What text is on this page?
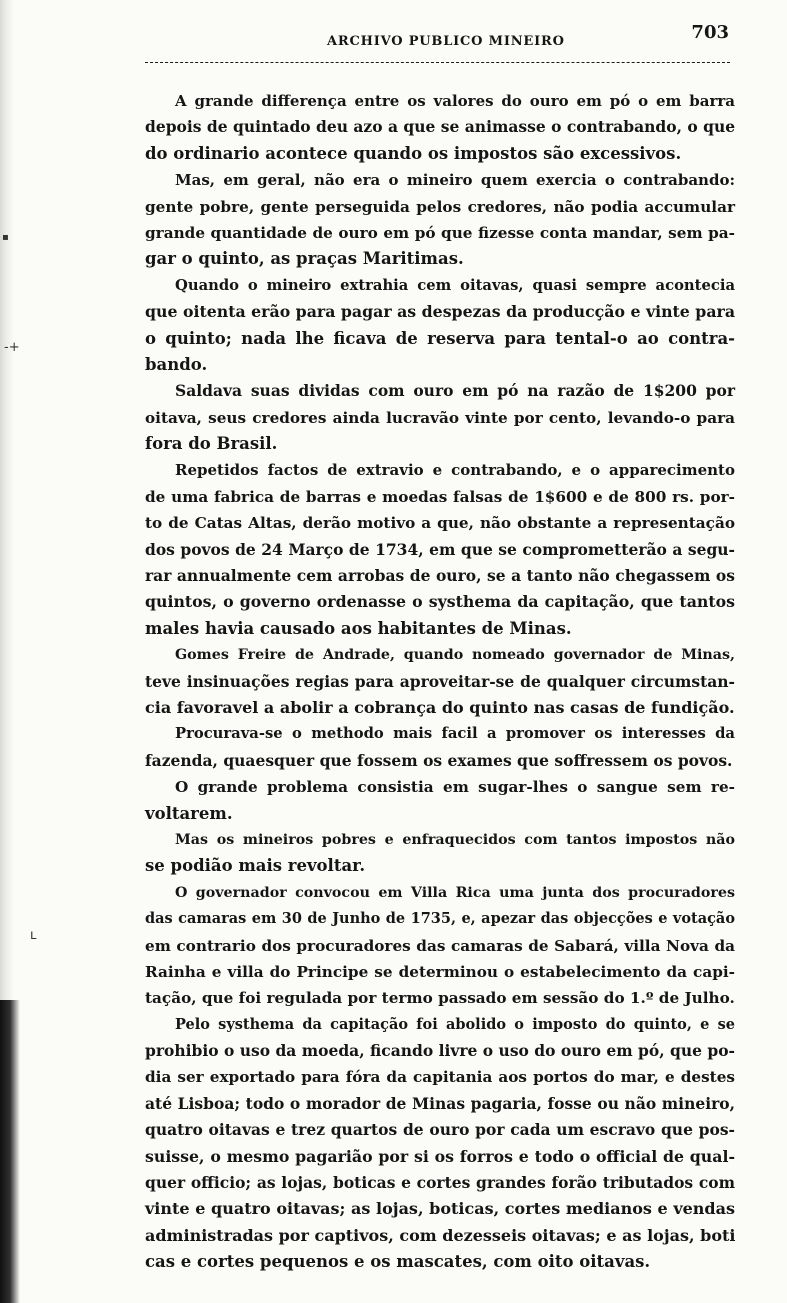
▪
-+
ʟ
ARCHIVO PUBLICO MINEIRO	703
A grande differença entre os valores do ouro em pó o em barra
depois de quintado deu azo a que se animasse o contrabando, o que
do ordinario acontece quando os impostos são excessivos.
Mas, em geral, não era o mineiro quem exercia o contrabando:
gente pobre, gente perseguida pelos credores, não podia accumular
grande quantidade de ouro em pó que fizesse conta mandar, sem pa-
gar o quinto, as praças Maritimas.
Quando o mineiro extrahia cem oitavas, quasi sempre acontecia
que oitenta erão para pagar as despezas da producção e vinte para
o quinto; nada lhe ficava de reserva para tental-o ao contra-
bando.
Saldava suas dividas com ouro em pó na razão de 1$200 por
oitava, seus credores ainda lucravão vinte por cento, levando-o para
fora do Brasil.
Repetidos factos de extravio e contrabando, e o apparecimento
de uma fabrica de barras e moedas falsas de 1$600 e de 800 rs. por-
to de Catas Altas, derão motivo a que, não obstante a representação
dos povos de 24 Março de 1734, em que se comprometterão a segu-
rar annualmente cem arrobas de ouro, se a tanto não chegassem os
quintos, o governo ordenasse o systhema da capitação, que tantos
males havia causado aos habitantes de Minas.
Gomes Freire de Andrade, quando nomeado governador de Minas,
teve insinuações regias para aproveitar-se de qualquer circumstan-
cia favoravel a abolir a cobrança do quinto nas casas de fundição.
Procurava-se o methodo mais facil a promover os interesses da
fazenda, quaesquer que fossem os exames que soffressem os povos.
O grande problema consistia em sugar-lhes o sangue sem re-
voltarem.
Mas os mineiros pobres e enfraquecidos com tantos impostos não
se podião mais revoltar.
O governador convocou em Villa Rica uma junta dos procuradores
das camaras em 30 de Junho de 1735, e, apezar das objecções e votação
em contrario dos procuradores das camaras de Sabará, villa Nova da
Rainha e villa do Principe se determinou o estabelecimento da capi-
tação, que foi regulada por termo passado em sessão do 1.º de Julho.
Pelo systhema da capitação foi abolido o imposto do quinto, e se
prohibio o uso da moeda, ficando livre o uso do ouro em pó, que po-
dia ser exportado para fóra da capitania aos portos do mar, e destes
até Lisboa; todo o morador de Minas pagaria, fosse ou não mineiro,
quatro oitavas e trez quartos de ouro por cada um escravo que pos-
suisse, o mesmo pagarião por si os forros e todo o official de qual-
quer officio; as lojas, boticas e cortes grandes forão tributados com
vinte e quatro oitavas; as lojas, boticas, cortes medianos e vendas
administradas por captivos, com dezesseis oitavas; e as lojas, boti
cas e cortes pequenos e os mascates, com oito oitavas.
